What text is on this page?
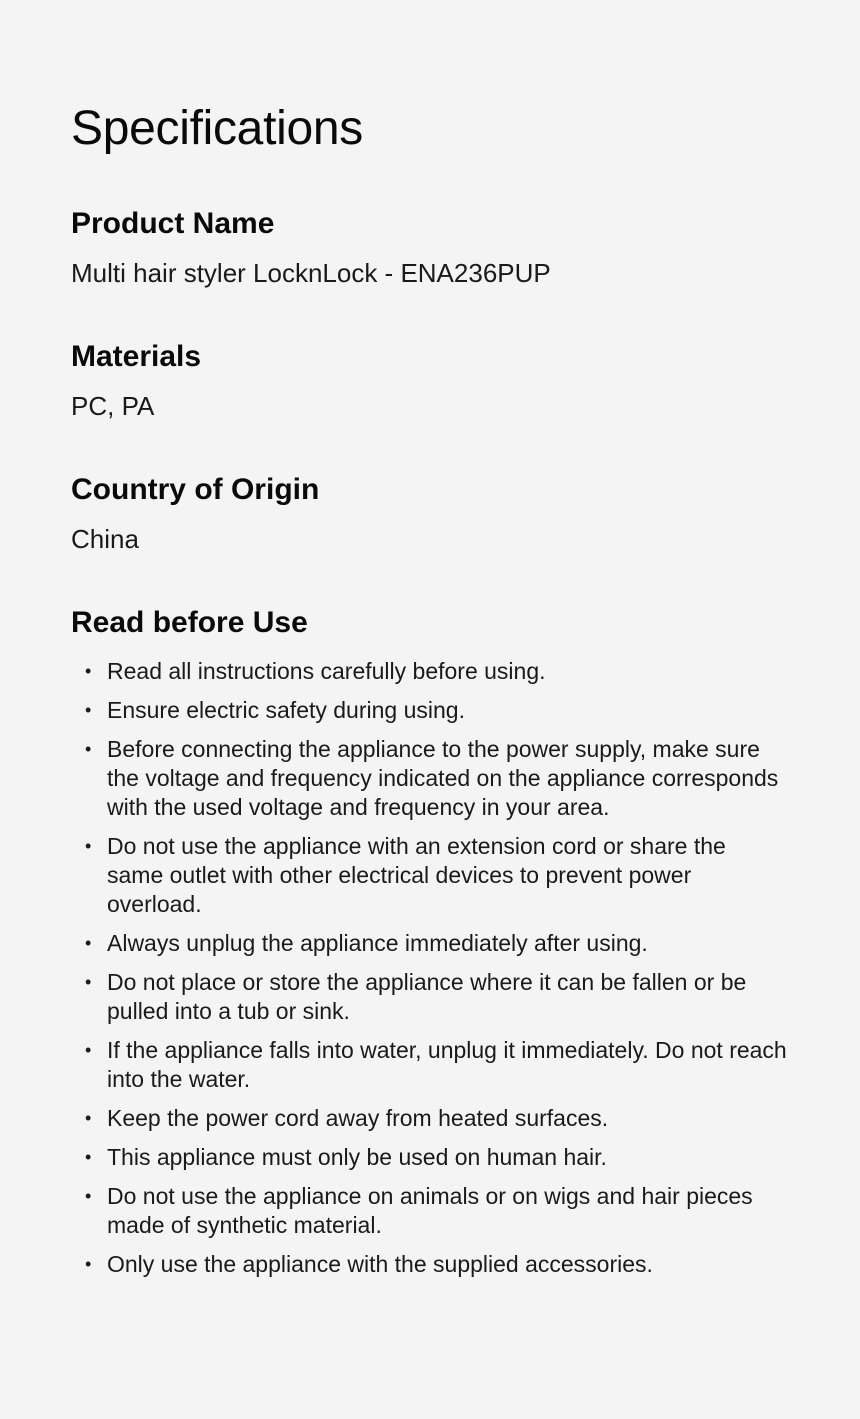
Specifications
Product Name

Multi hair styler LocknLock - ENA236PUP

Materials

PC, PA

Country of Origin

China

Read before Use
• Read all instructions carefully before using.
• Ensure electric safety during using.
• Before connecting the appliance to the power supply, make sure the voltage and frequency indicated on the appliance corresponds with the used voltage and frequency in your area.
• Do not use the appliance with an extension cord or share the same outlet with other electrical devices to prevent power overload.
• Always unplug the appliance immediately after using.
• Do not place or store the appliance where it can be fallen or be pulled into a tub or sink.
• If the appliance falls into water, unplug it immediately. Do not reach into the water.
• Keep the power cord away from heated surfaces.
• This appliance must only be used on human hair.
• Do not use the appliance on animals or on wigs and hair pieces made of synthetic material.
• Only use the appliance with the supplied accessories.
